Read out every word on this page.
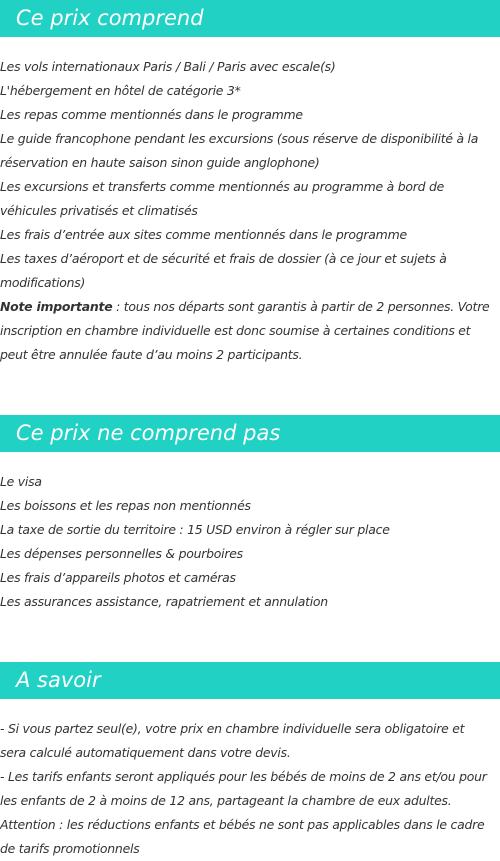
Ce prix comprend
Les vols internationaux Paris / Bali / Paris avec escale(s)
L'hébergement en hôtel de catégorie 3*
Les repas comme mentionnés dans le programme
Le guide francophone pendant les excursions (sous réserve de disponibilité à la
réservation en haute saison sinon guide anglophone)
Les excursions et transferts comme mentionnés au programme à bord de
véhicules privatisés et climatisés
Les frais d’entrée aux sites comme mentionnés dans le programme
Les taxes d’aéroport et de sécurité et frais de dossier (à ce jour et sujets à
modifications)
Note importante : tous nos départs sont garantis à partir de 2 personnes. Votre
inscription en chambre individuelle est donc soumise à certaines conditions et
peut être annulée faute d’au moins 2 participants.
Ce prix ne comprend pas
Le visa
Les boissons et les repas non mentionnés
La taxe de sortie du territoire : 15 USD environ à régler sur place
Les dépenses personnelles & pourboires
Les frais d’appareils photos et caméras
Les assurances assistance, rapatriement et annulation
A savoir
- Si vous partez seul(e), votre prix en chambre individuelle sera obligatoire et
sera calculé automatiquement dans votre devis.
- Les tarifs enfants seront appliqués pour les bébés de moins de 2 ans et/ou pour
les enfants de 2 à moins de 12 ans, partageant la chambre de eux adultes.
Attention : les réductions enfants et bébés ne sont pas applicables dans le cadre
de tarifs promotionnels
